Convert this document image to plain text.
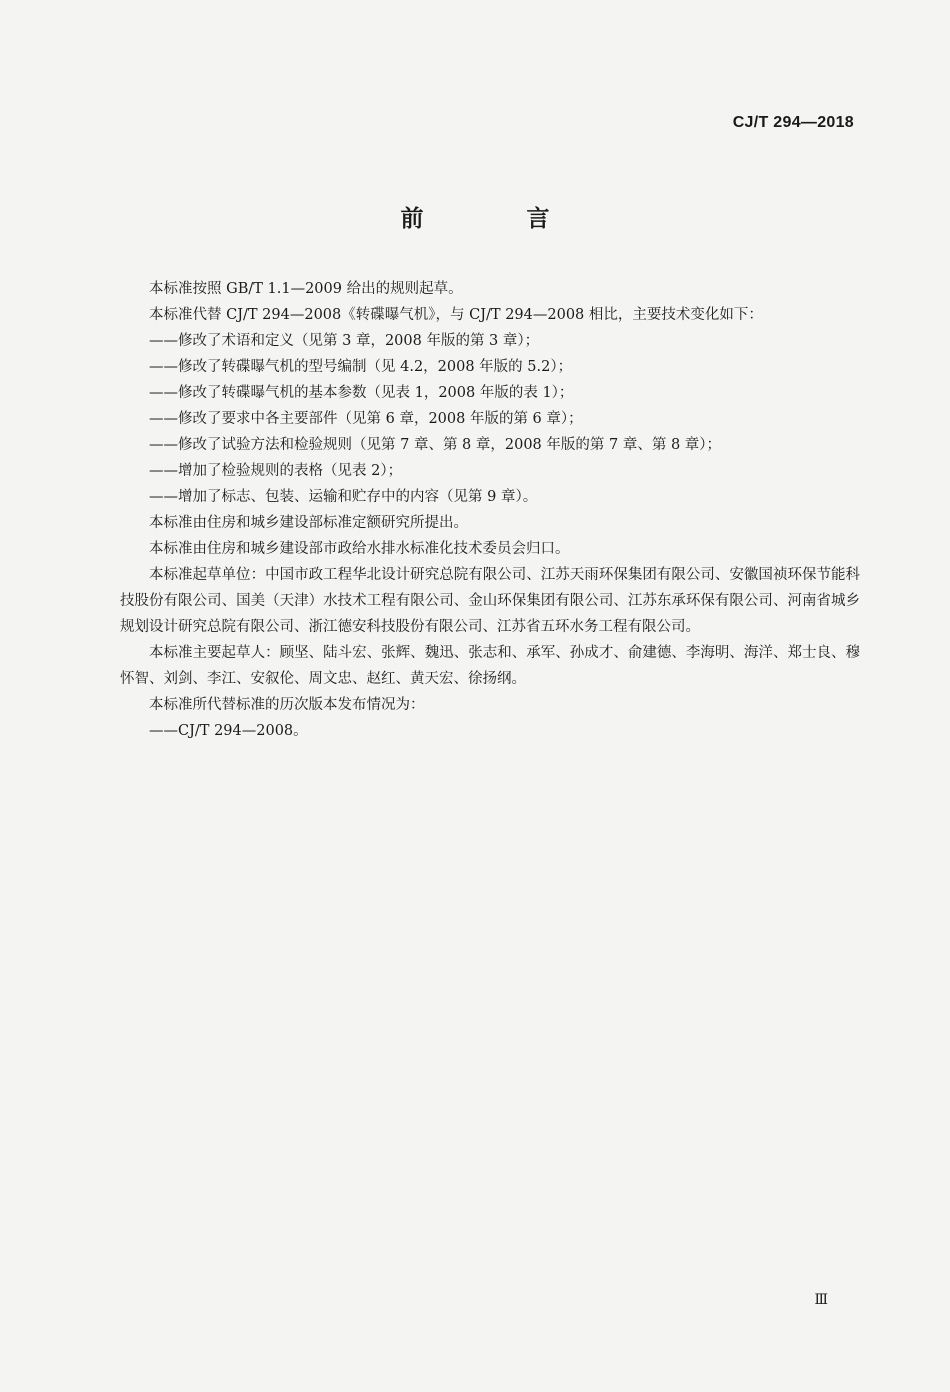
CJ/T 294—2018
前　言

本标准按照 GB/T 1.1—2009 给出的规则起草。

本标准代替 CJ/T 294—2008《转碟曝气机》，与 CJ/T 294—2008 相比，主要技术变化如下：

——修改了术语和定义（见第 3 章，2008 年版的第 3 章）；

——修改了转碟曝气机的型号编制（见 4.2，2008 年版的 5.2）；

——修改了转碟曝气机的基本参数（见表 1，2008 年版的表 1）；

——修改了要求中各主要部件（见第 6 章，2008 年版的第 6 章）；

——修改了试验方法和检验规则（见第 7 章、第 8 章，2008 年版的第 7 章、第 8 章）；

——增加了检验规则的表格（见表 2）；

——增加了标志、包装、运输和贮存中的内容（见第 9 章）。

本标准由住房和城乡建设部标准定额研究所提出。

本标准由住房和城乡建设部市政给水排水标准化技术委员会归口。

本标准起草单位：中国市政工程华北设计研究总院有限公司、江苏天雨环保集团有限公司、安徽国祯环保节能科技股份有限公司、国美（天津）水技术工程有限公司、金山环保集团有限公司、江苏东承环保有限公司、河南省城乡规划设计研究总院有限公司、浙江德安科技股份有限公司、江苏省五环水务工程有限公司。

本标准主要起草人：顾坚、陆斗宏、张辉、魏迅、张志和、承军、孙成才、俞建德、李海明、海洋、郑士良、穆怀智、刘剑、李江、安叙伦、周文忠、赵红、黄天宏、徐扬纲。

本标准所代替标准的历次版本发布情况为：

——CJ/T 294—2008。

Ⅲ
